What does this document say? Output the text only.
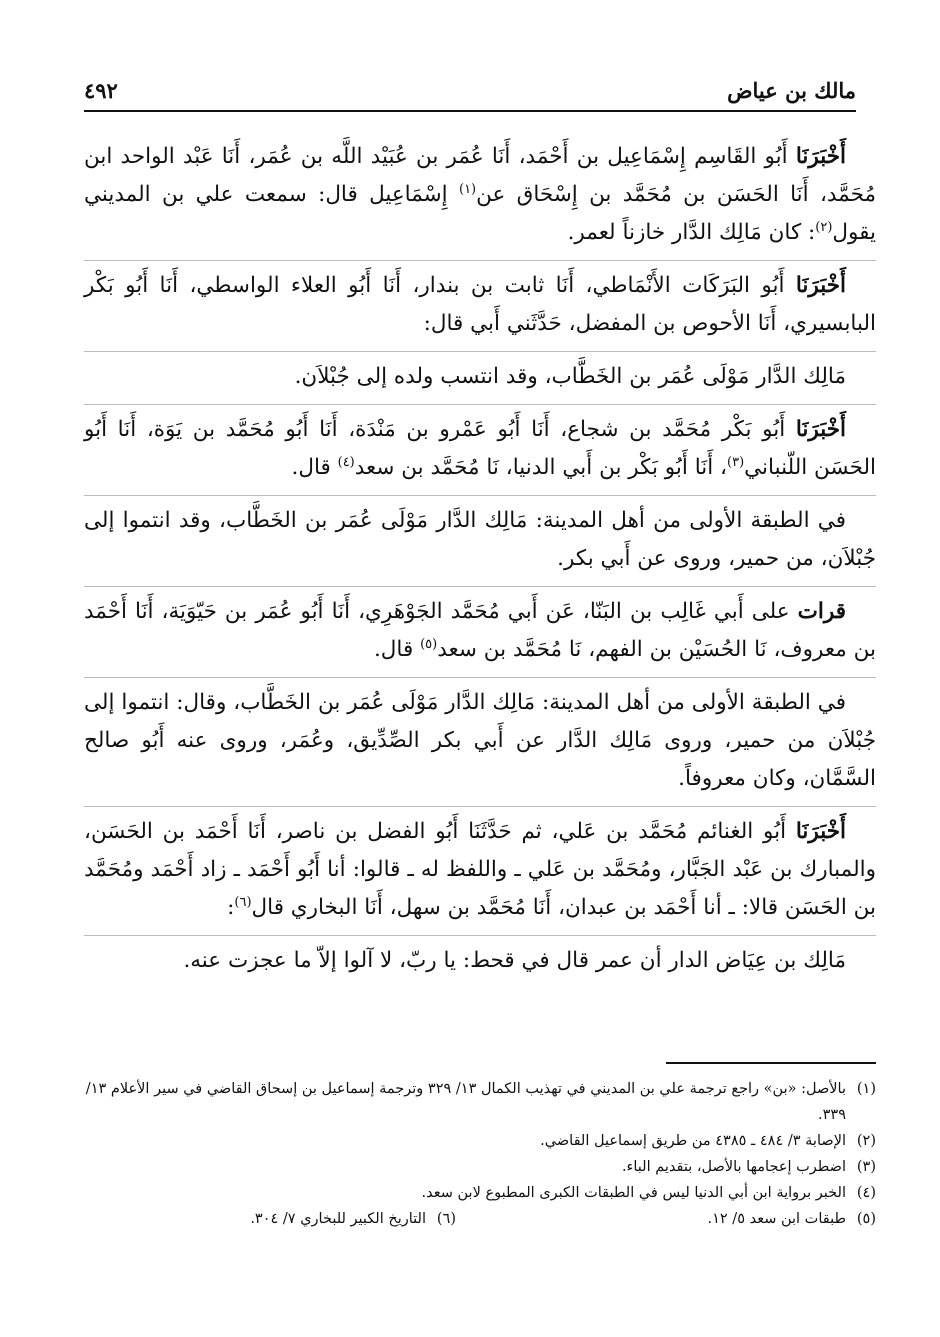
مالك بن عياض
٤٩٢

أَخْبَرَنَا أَبُو القَاسِم إِسْمَاعِيل بن أَحْمَد، أَنَا عُمَر بن عُبَيْد اللَّه بن عُمَر، أَنَا عَبْد الواحد ابن مُحَمَّد، أَنَا الحَسَن بن مُحَمَّد بن إِسْحَاق عن$^{(١)}$ إِسْمَاعِيل قال: سمعت علي بن المديني يقول$^{(٢)}$: كان مَالِك الدَّار خازناً لعمر.

أَخْبَرَنَا أَبُو البَرَكَات الأَنْمَاطي، أَنَا ثابت بن بندار، أَنَا أَبُو العلاء الواسطي، أَنَا أَبُو بَكْر البابسيري، أَنَا الأحوص بن المفضل، حَدَّثَني أَبي قال:

مَالِك الدَّار مَوْلَى عُمَر بن الخَطَّاب، وقد انتسب ولده إلى جُبْلاَن.

أَخْبَرَنَا أَبُو بَكْر مُحَمَّد بن شجاع، أَنَا أَبُو عَمْرو بن مَنْدَة، أَنَا أَبُو مُحَمَّد بن يَوَة، أَنَا أَبُو الحَسَن اللّنباني$^{(٣)}$، أَنَا أَبُو بَكْر بن أَبي الدنيا، نَا مُحَمَّد بن سعد$^{(٤)}$ قال.

في الطبقة الأولى من أهل المدينة: مَالِك الدَّار مَوْلَى عُمَر بن الخَطَّاب، وقد انتموا إلى جُبْلاَن، من حمير، وروى عن أَبي بكر.

قرات على أَبي غَالِب بن البَنّا، عَن أَبي مُحَمَّد الجَوْهَرِي، أَنَا أَبُو عُمَر بن حَيّوَيَة، أَنَا أَحْمَد بن معروف، نَا الحُسَيْن بن الفهم، نَا مُحَمَّد بن سعد$^{(٥)}$ قال.

في الطبقة الأولى من أهل المدينة: مَالِك الدَّار مَوْلَى عُمَر بن الخَطَّاب، وقال: انتموا إلى جُبْلاَن من حمير، وروى مَالِك الدَّار عن أَبي بكر الصِّدِّيق، وعُمَر، وروى عنه أَبُو صالح السَّمَّان، وكان معروفاً.

أَخْبَرَنَا أَبُو الغنائم مُحَمَّد بن عَلي، ثم حَدَّثَنَا أَبُو الفضل بن ناصر، أَنَا أَحْمَد بن الحَسَن، والمبارك بن عَبْد الجَبَّار، ومُحَمَّد بن عَلي ـ واللفظ له ـ قالوا: أنا أَبُو أَحْمَد ـ زاد أَحْمَد ومُحَمَّد بن الحَسَن قالا: ـ أنا أَحْمَد بن عبدان، أَنَا مُحَمَّد بن سهل، أَنَا البخاري قال$^{(٦)}$:

مَالِك بن عِيَاض الدار أن عمر قال في قحط: يا ربّ، لا آلوا إلاّ ما عجزت عنه.

(١)
بالأصل: «بن» راجع ترجمة علي بن المديني في تهذيب الكمال ١٣/ ٣٢٩ وترجمة إسماعيل بن إسحاق القاضي في سير الأعلام ١٣/ ٣٣٩.
(٢)
الإصابة ٣/ ٤٨٤ ـ ٤٣٨٥ من طريق إسماعيل القاضي.
(٣)
اضطرب إعجامها بالأصل، بتقديم الباء.
(٤)
الخبر برواية ابن أبي الدنيا ليس في الطبقات الكبرى المطبوع لابن سعد.
(٥)
طبقات ابن سعد ٥/ ١٢.
(٦)
التاريخ الكبير للبخاري ٧/ ٣٠٤.
